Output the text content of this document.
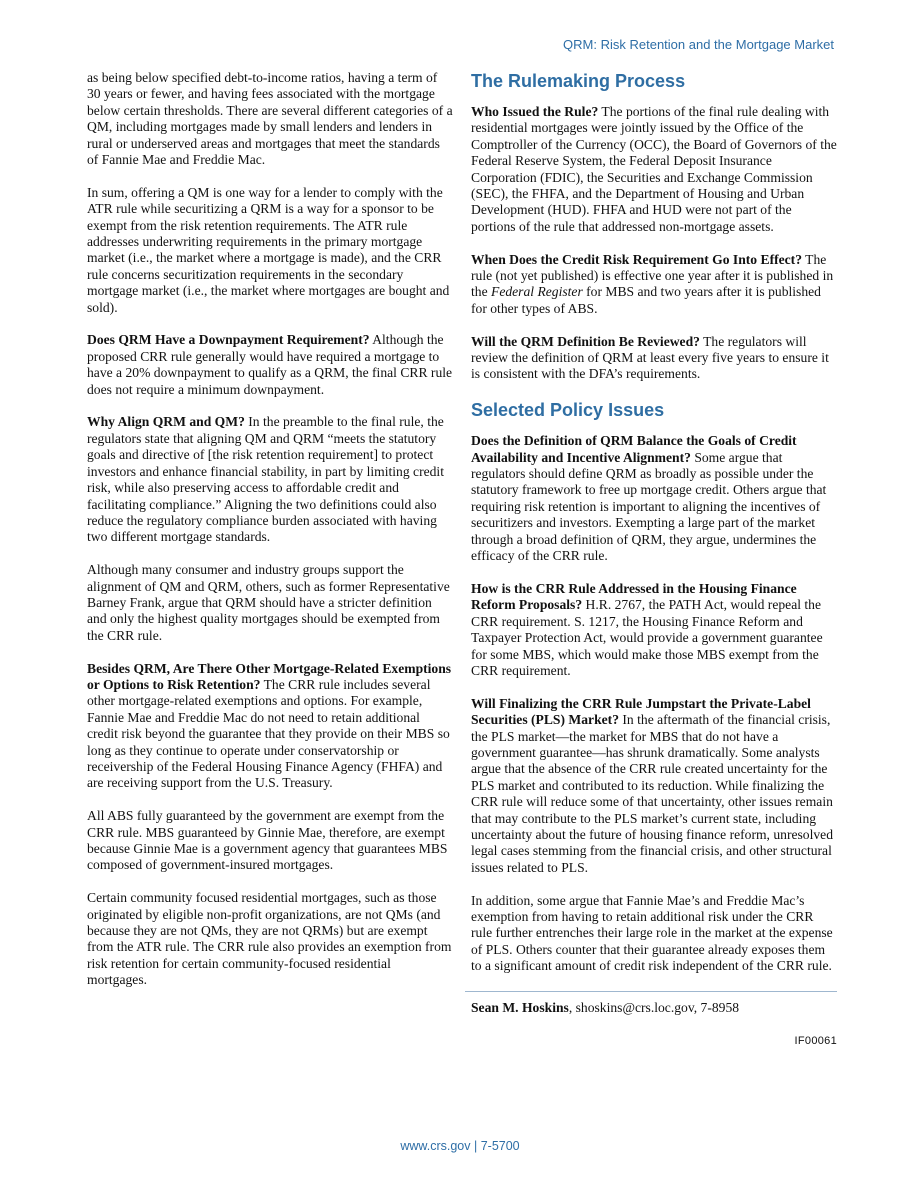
QRM: Risk Retention and the Mortgage Market

as being below specified debt-to-income ratios, having a term of 30 years or fewer, and having fees associated with the mortgage below certain thresholds. There are several different categories of a QM, including mortgages made by small lenders and lenders in rural or underserved areas and mortgages that meet the standards of Fannie Mae and Freddie Mac.

In sum, offering a QM is one way for a lender to comply with the ATR rule while securitizing a QRM is a way for a sponsor to be exempt from the risk retention requirements. The ATR rule addresses underwriting requirements in the primary mortgage market (i.e., the market where a mortgage is made), and the CRR rule concerns securitization requirements in the secondary mortgage market (i.e., the market where mortgages are bought and sold).

Does QRM Have a Downpayment Requirement? Although the proposed CRR rule generally would have required a mortgage to have a 20% downpayment to qualify as a QRM, the final CRR rule does not require a minimum downpayment.

Why Align QRM and QM? In the preamble to the final rule, the regulators state that aligning QM and QRM “meets the statutory goals and directive of [the risk retention requirement] to protect investors and enhance financial stability, in part by limiting credit risk, while also preserving access to affordable credit and facilitating compliance.” Aligning the two definitions could also reduce the regulatory compliance burden associated with having two different mortgage standards.

Although many consumer and industry groups support the alignment of QM and QRM, others, such as former Representative Barney Frank, argue that QRM should have a stricter definition and only the highest quality mortgages should be exempted from the CRR rule.

Besides QRM, Are There Other Mortgage-Related Exemptions or Options to Risk Retention? The CRR rule includes several other mortgage-related exemptions and options. For example, Fannie Mae and Freddie Mac do not need to retain additional credit risk beyond the guarantee that they provide on their MBS so long as they continue to operate under conservatorship or receivership of the Federal Housing Finance Agency (FHFA) and are receiving support from the U.S. Treasury.

All ABS fully guaranteed by the government are exempt from the CRR rule. MBS guaranteed by Ginnie Mae, therefore, are exempt because Ginnie Mae is a government agency that guarantees MBS composed of government-insured mortgages.

Certain community focused residential mortgages, such as those originated by eligible non-profit organizations, are not QMs (and because they are not QMs, they are not QRMs) but are exempt from the ATR rule. The CRR rule also provides an exemption from risk retention for certain community-focused residential mortgages.

The Rulemaking Process

Who Issued the Rule? The portions of the final rule dealing with residential mortgages were jointly issued by the Office of the Comptroller of the Currency (OCC), the Board of Governors of the Federal Reserve System, the Federal Deposit Insurance Corporation (FDIC), the Securities and Exchange Commission (SEC), the FHFA, and the Department of Housing and Urban Development (HUD). FHFA and HUD were not part of the portions of the rule that addressed non-mortgage assets.

When Does the Credit Risk Requirement Go Into Effect? The rule (not yet published) is effective one year after it is published in the Federal Register for MBS and two years after it is published for other types of ABS.

Will the QRM Definition Be Reviewed? The regulators will review the definition of QRM at least every five years to ensure it is consistent with the DFA’s requirements.

Selected Policy Issues

Does the Definition of QRM Balance the Goals of Credit Availability and Incentive Alignment? Some argue that regulators should define QRM as broadly as possible under the statutory framework to free up mortgage credit. Others argue that requiring risk retention is important to aligning the incentives of securitizers and investors. Exempting a large part of the market through a broad definition of QRM, they argue, undermines the efficacy of the CRR rule.

How is the CRR Rule Addressed in the Housing Finance Reform Proposals? H.R. 2767, the PATH Act, would repeal the CRR requirement. S. 1217, the Housing Finance Reform and Taxpayer Protection Act, would provide a government guarantee for some MBS, which would make those MBS exempt from the CRR requirement.

Will Finalizing the CRR Rule Jumpstart the Private-Label Securities (PLS) Market? In the aftermath of the financial crisis, the PLS market—the market for MBS that do not have a government guarantee—has shrunk dramatically. Some analysts argue that the absence of the CRR rule created uncertainty for the PLS market and contributed to its reduction. While finalizing the CRR rule will reduce some of that uncertainty, other issues remain that may contribute to the PLS market’s current state, including uncertainty about the future of housing finance reform, unresolved legal cases stemming from the financial crisis, and other structural issues related to PLS.

In addition, some argue that Fannie Mae’s and Freddie Mac’s exemption from having to retain additional risk under the CRR rule further entrenches their large role in the market at the expense of PLS. Others counter that their guarantee already exposes them to a significant amount of credit risk independent of the CRR rule.

Sean M. Hoskins, shoskins@crs.loc.gov, 7-8958

IF00061
www.crs.gov | 7-5700
